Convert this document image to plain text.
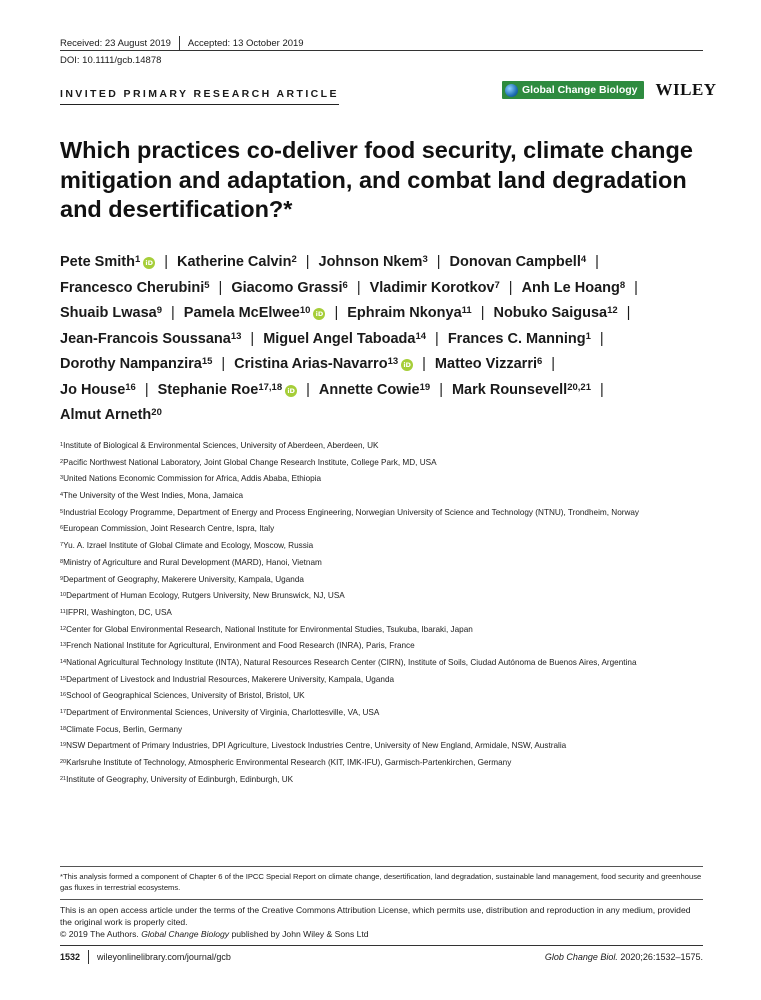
Received: 23 August 2019 Accepted: 13 October 2019
DOI: 10.1111/gcb.14878
INVITED PRIMARY RESEARCH ARTICLE	Global Change Biology WILEY
Which practices co-deliver food security, climate change mitigation and adaptation, and combat land degradation and desertification?*
Pete Smith$^1$ iD | Katherine Calvin$^2$ | Johnson Nkem$^3$ | Donovan Campbell$^4$ |
Francesco Cherubini$^5$ | Giacomo Grassi$^6$ | Vladimir Korotkov$^7$ | Anh Le Hoang$^8$ |
Shuaib Lwasa$^9$ | Pamela McElwee$^{10}$ iD | Ephraim Nkonya$^{11}$ | Nobuko Saigusa$^{12}$ |
Jean-Francois Soussana$^{13}$ | Miguel Angel Taboada$^{14}$ | Frances C. Manning$^1$ |
Dorothy Nampanzira$^{15}$ | Cristina Arias-Navarro$^{13}$ iD | Matteo Vizzarri$^6$ |
Jo House$^{16}$ | Stephanie Roe$^{17,18}$ iD | Annette Cowie$^{19}$ | Mark Rounsevell$^{20,21}$ |
Almut Arneth$^{20}$
$^1$Institute of Biological & Environmental Sciences, University of Aberdeen, Aberdeen, UK
$^2$Pacific Northwest National Laboratory, Joint Global Change Research Institute, College Park, MD, USA
$^3$United Nations Economic Commission for Africa, Addis Ababa, Ethiopia
$^4$The University of the West Indies, Mona, Jamaica
$^5$Industrial Ecology Programme, Department of Energy and Process Engineering, Norwegian University of Science and Technology (NTNU), Trondheim, Norway
$^6$European Commission, Joint Research Centre, Ispra, Italy
$^7$Yu. A. Izrael Institute of Global Climate and Ecology, Moscow, Russia
$^8$Ministry of Agriculture and Rural Development (MARD), Hanoi, Vietnam
$^9$Department of Geography, Makerere University, Kampala, Uganda
$^{10}$Department of Human Ecology, Rutgers University, New Brunswick, NJ, USA
$^{11}$IFPRI, Washington, DC, USA
$^{12}$Center for Global Environmental Research, National Institute for Environmental Studies, Tsukuba, Ibaraki, Japan
$^{13}$French National Institute for Agricultural, Environment and Food Research (INRA), Paris, France
$^{14}$National Agricultural Technology Institute (INTA), Natural Resources Research Center (CIRN), Institute of Soils, Ciudad Autónoma de Buenos Aires, Argentina
$^{15}$Department of Livestock and Industrial Resources, Makerere University, Kampala, Uganda
$^{16}$School of Geographical Sciences, University of Bristol, Bristol, UK
$^{17}$Department of Environmental Sciences, University of Virginia, Charlottesville, VA, USA
$^{18}$Climate Focus, Berlin, Germany
$^{19}$NSW Department of Primary Industries, DPI Agriculture, Livestock Industries Centre, University of New England, Armidale, NSW, Australia
$^{20}$Karlsruhe Institute of Technology, Atmospheric Environmental Research (KIT, IMK-IFU), Garmisch-Partenkirchen, Germany
$^{21}$Institute of Geography, University of Edinburgh, Edinburgh, UK
*This analysis formed a component of Chapter 6 of the IPCC Special Report on climate change, desertification, land degradation, sustainable land management, food security and greenhouse gas fluxes in terrestrial ecosystems.
This is an open access article under the terms of the Creative Commons Attribution License, which permits use, distribution and reproduction in any medium, provided the original work is properly cited.
© 2019 The Authors. Global Change Biology published by John Wiley & Sons Ltd
1532 wileyonlinelibrary.com/journal/gcb	Glob Change Biol. 2020;26:1532–1575.
